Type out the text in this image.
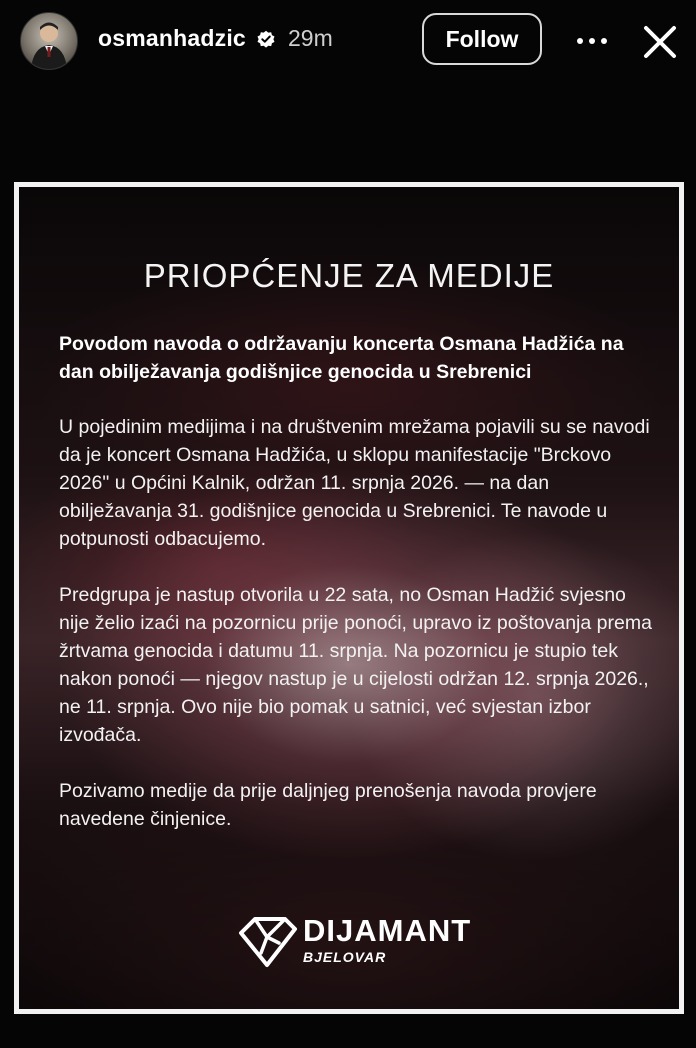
osmanhadzic 29m	Follow
PRIOPĆENJE ZA MEDIJE
Povodom navoda o održavanju koncerta Osmana Hadžića na dan obilježavanja godišnjice genocida u Srebrenici
U pojedinim medijima i na društvenim mrežama pojavili su se navodi da je koncert Osmana Hadžića, u sklopu manifestacije "Brckovo 2026" u Općini Kalnik, održan 11. srpnja 2026. — na dan obilježavanja 31. godišnjice genocida u Srebrenici. Te navode u potpunosti odbacujemo.
Predgrupa je nastup otvorila u 22 sata, no Osman Hadžić svjesno nije želio izaći na pozornicu prije ponoći, upravo iz poštovanja prema žrtvama genocida i datumu 11. srpnja. Na pozornicu je stupio tek nakon ponoći — njegov nastup je u cijelosti održan 12. srpnja 2026., ne 11. srpnja. Ovo nije bio pomak u satnici, već svjestan izbor izvođača.
Pozivamo medije da prije daljnjeg prenošenja navoda provjere navedene činjenice.
DIJAMANT
BJELOVAR
